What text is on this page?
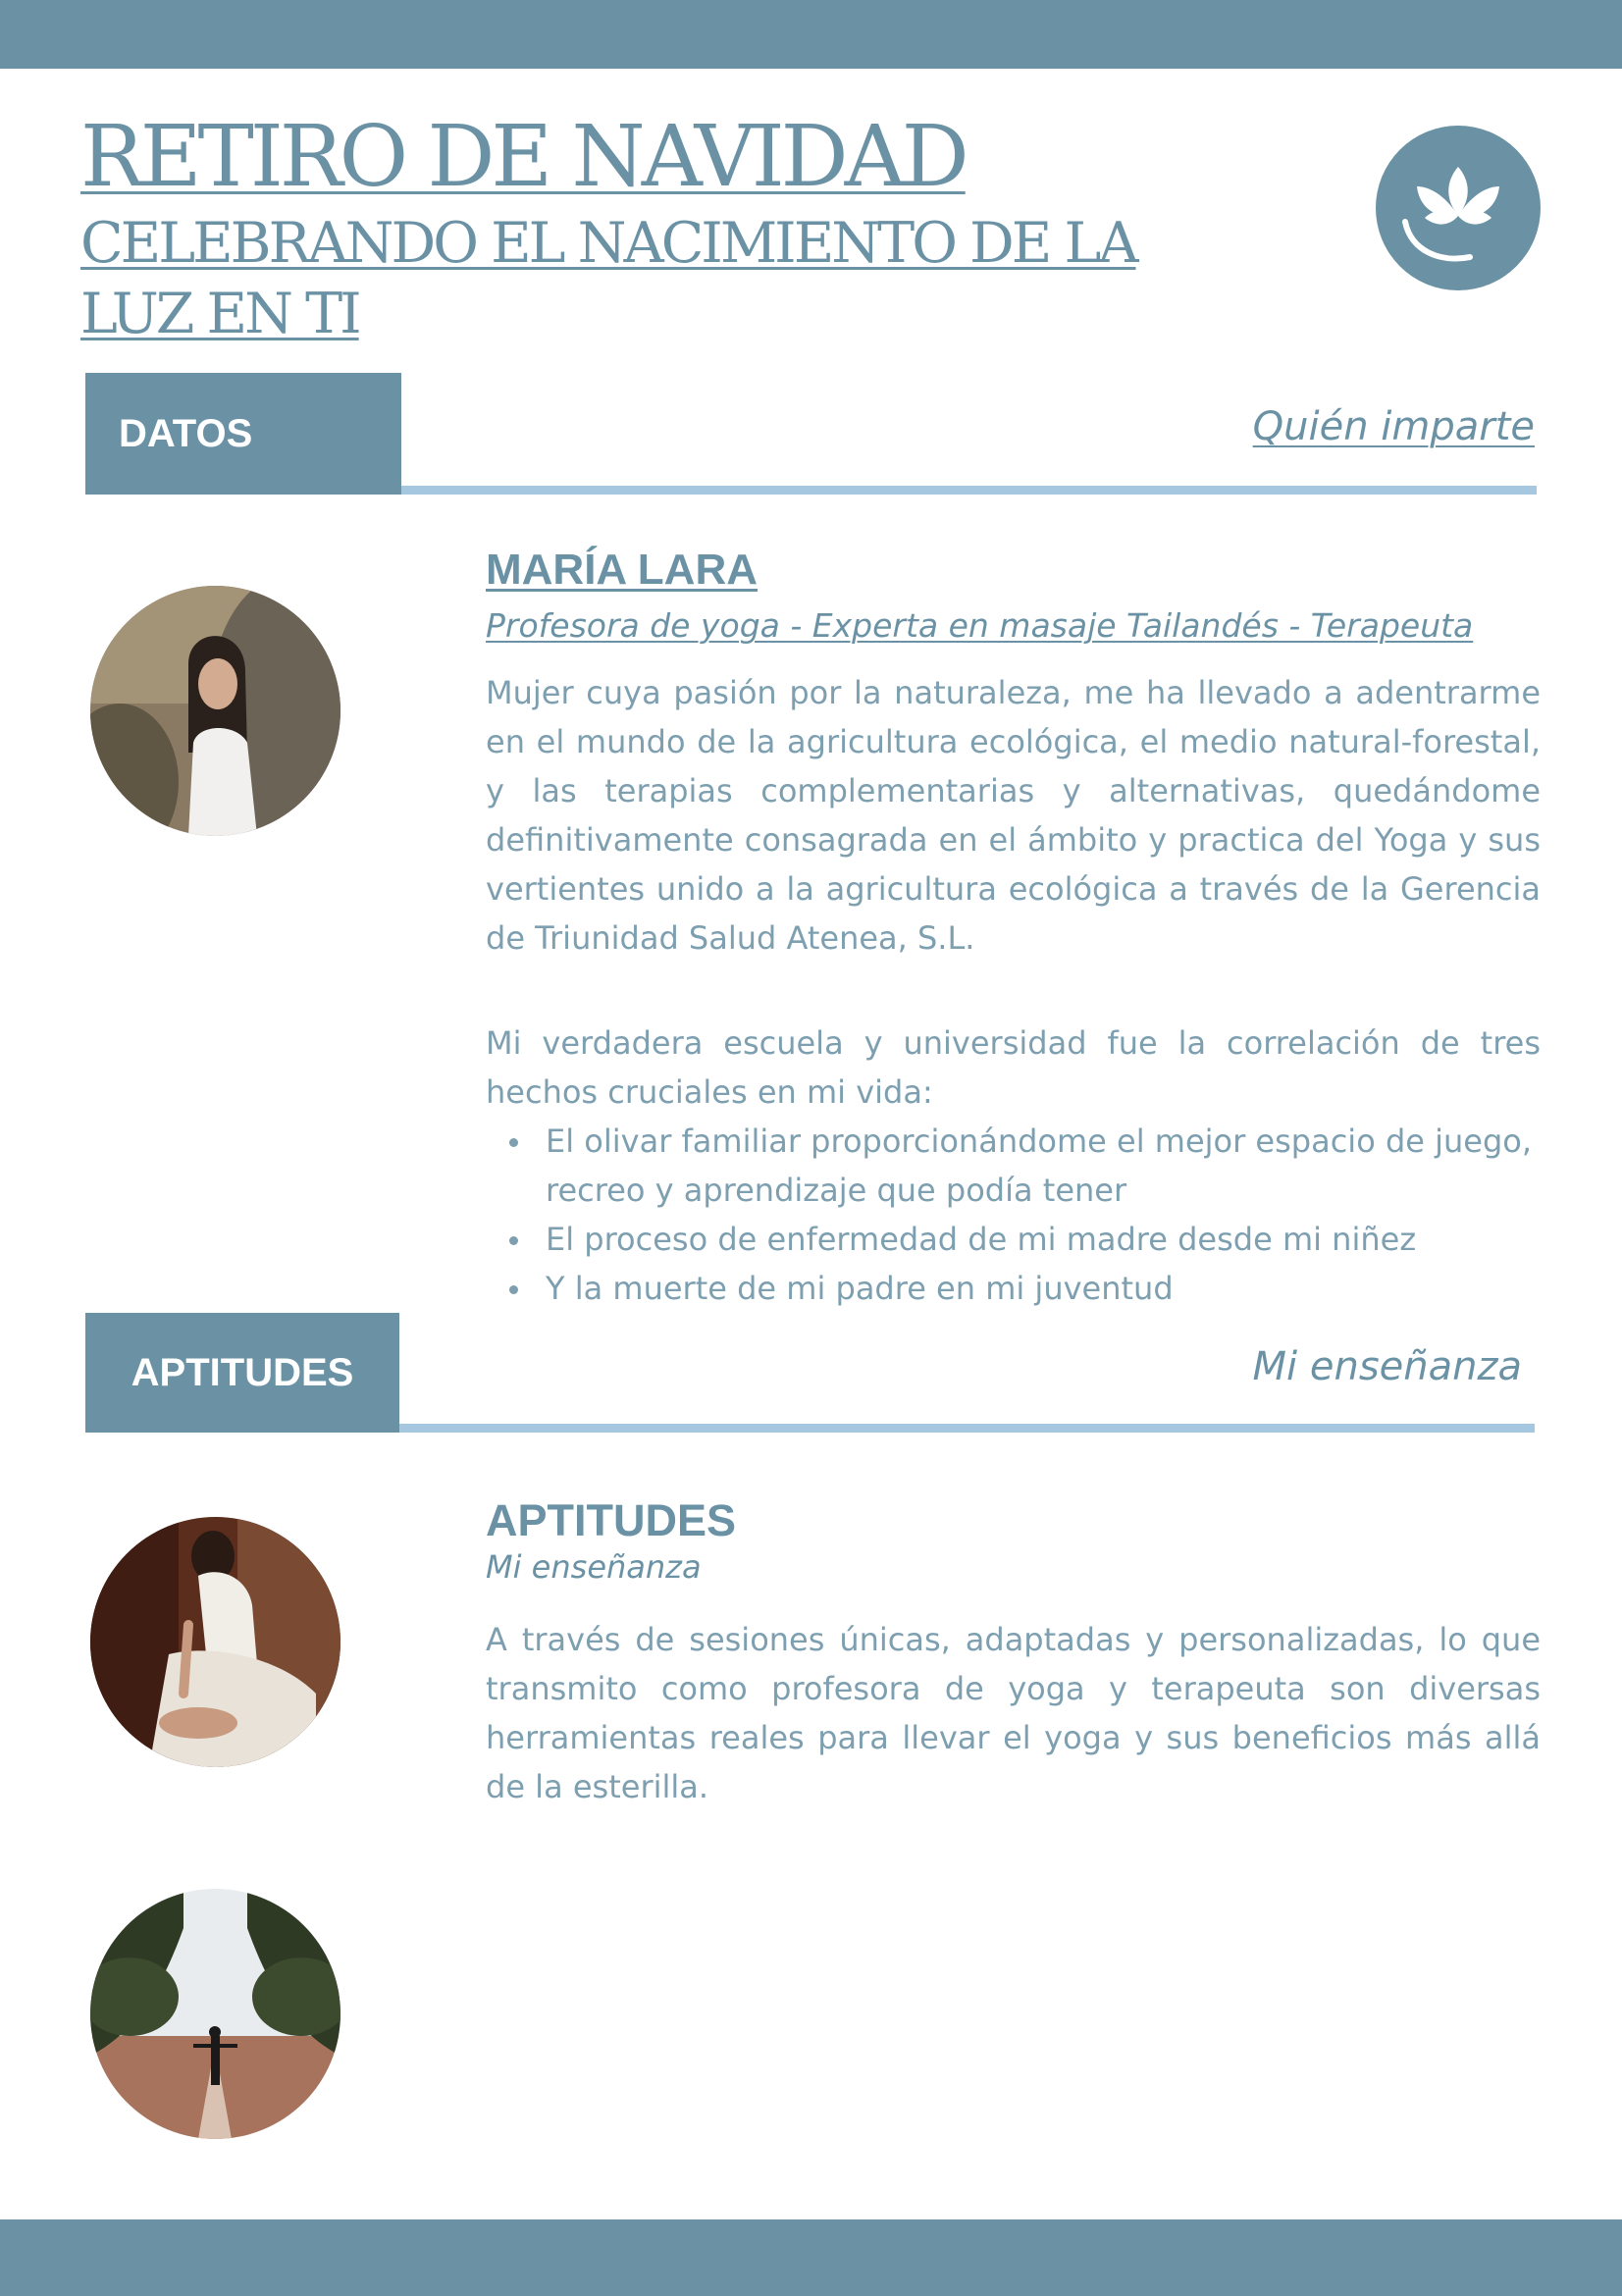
RETIRO DE NAVIDAD
CELEBRANDO EL NACIMIENTO DE LA LUZ EN TI
DATOS	Quién imparte
MARÍA LARA
Profesora de yoga - Experta en masaje Tailandés - Terapeuta

Mujer cuya pasión por la naturaleza, me ha llevado a adentrarme en el mundo de la agricultura ecológica, el medio natural-forestal, y las terapias complementarias y alternativas, quedándome definitivamente consagrada en el ámbito y practica del Yoga y sus vertientes unido a la agricultura ecológica a través de la Gerencia de Triunidad Salud Atenea, S.L.

Mi verdadera escuela y universidad fue la correlación de tres hechos cruciales en mi vida:

El olivar familiar proporcionándome el mejor espacio de juego, recreo y aprendizaje que podía tener
El proceso de enfermedad de mi madre desde mi niñez
Y la muerte de mi padre en mi juventud
APTITUDES	Mi enseñanza
APTITUDES
Mi enseñanza

A través de sesiones únicas, adaptadas y personalizadas, lo que transmito como profesora de yoga y terapeuta son diversas herramientas reales para llevar el yoga y sus beneficios más allá de la esterilla.
